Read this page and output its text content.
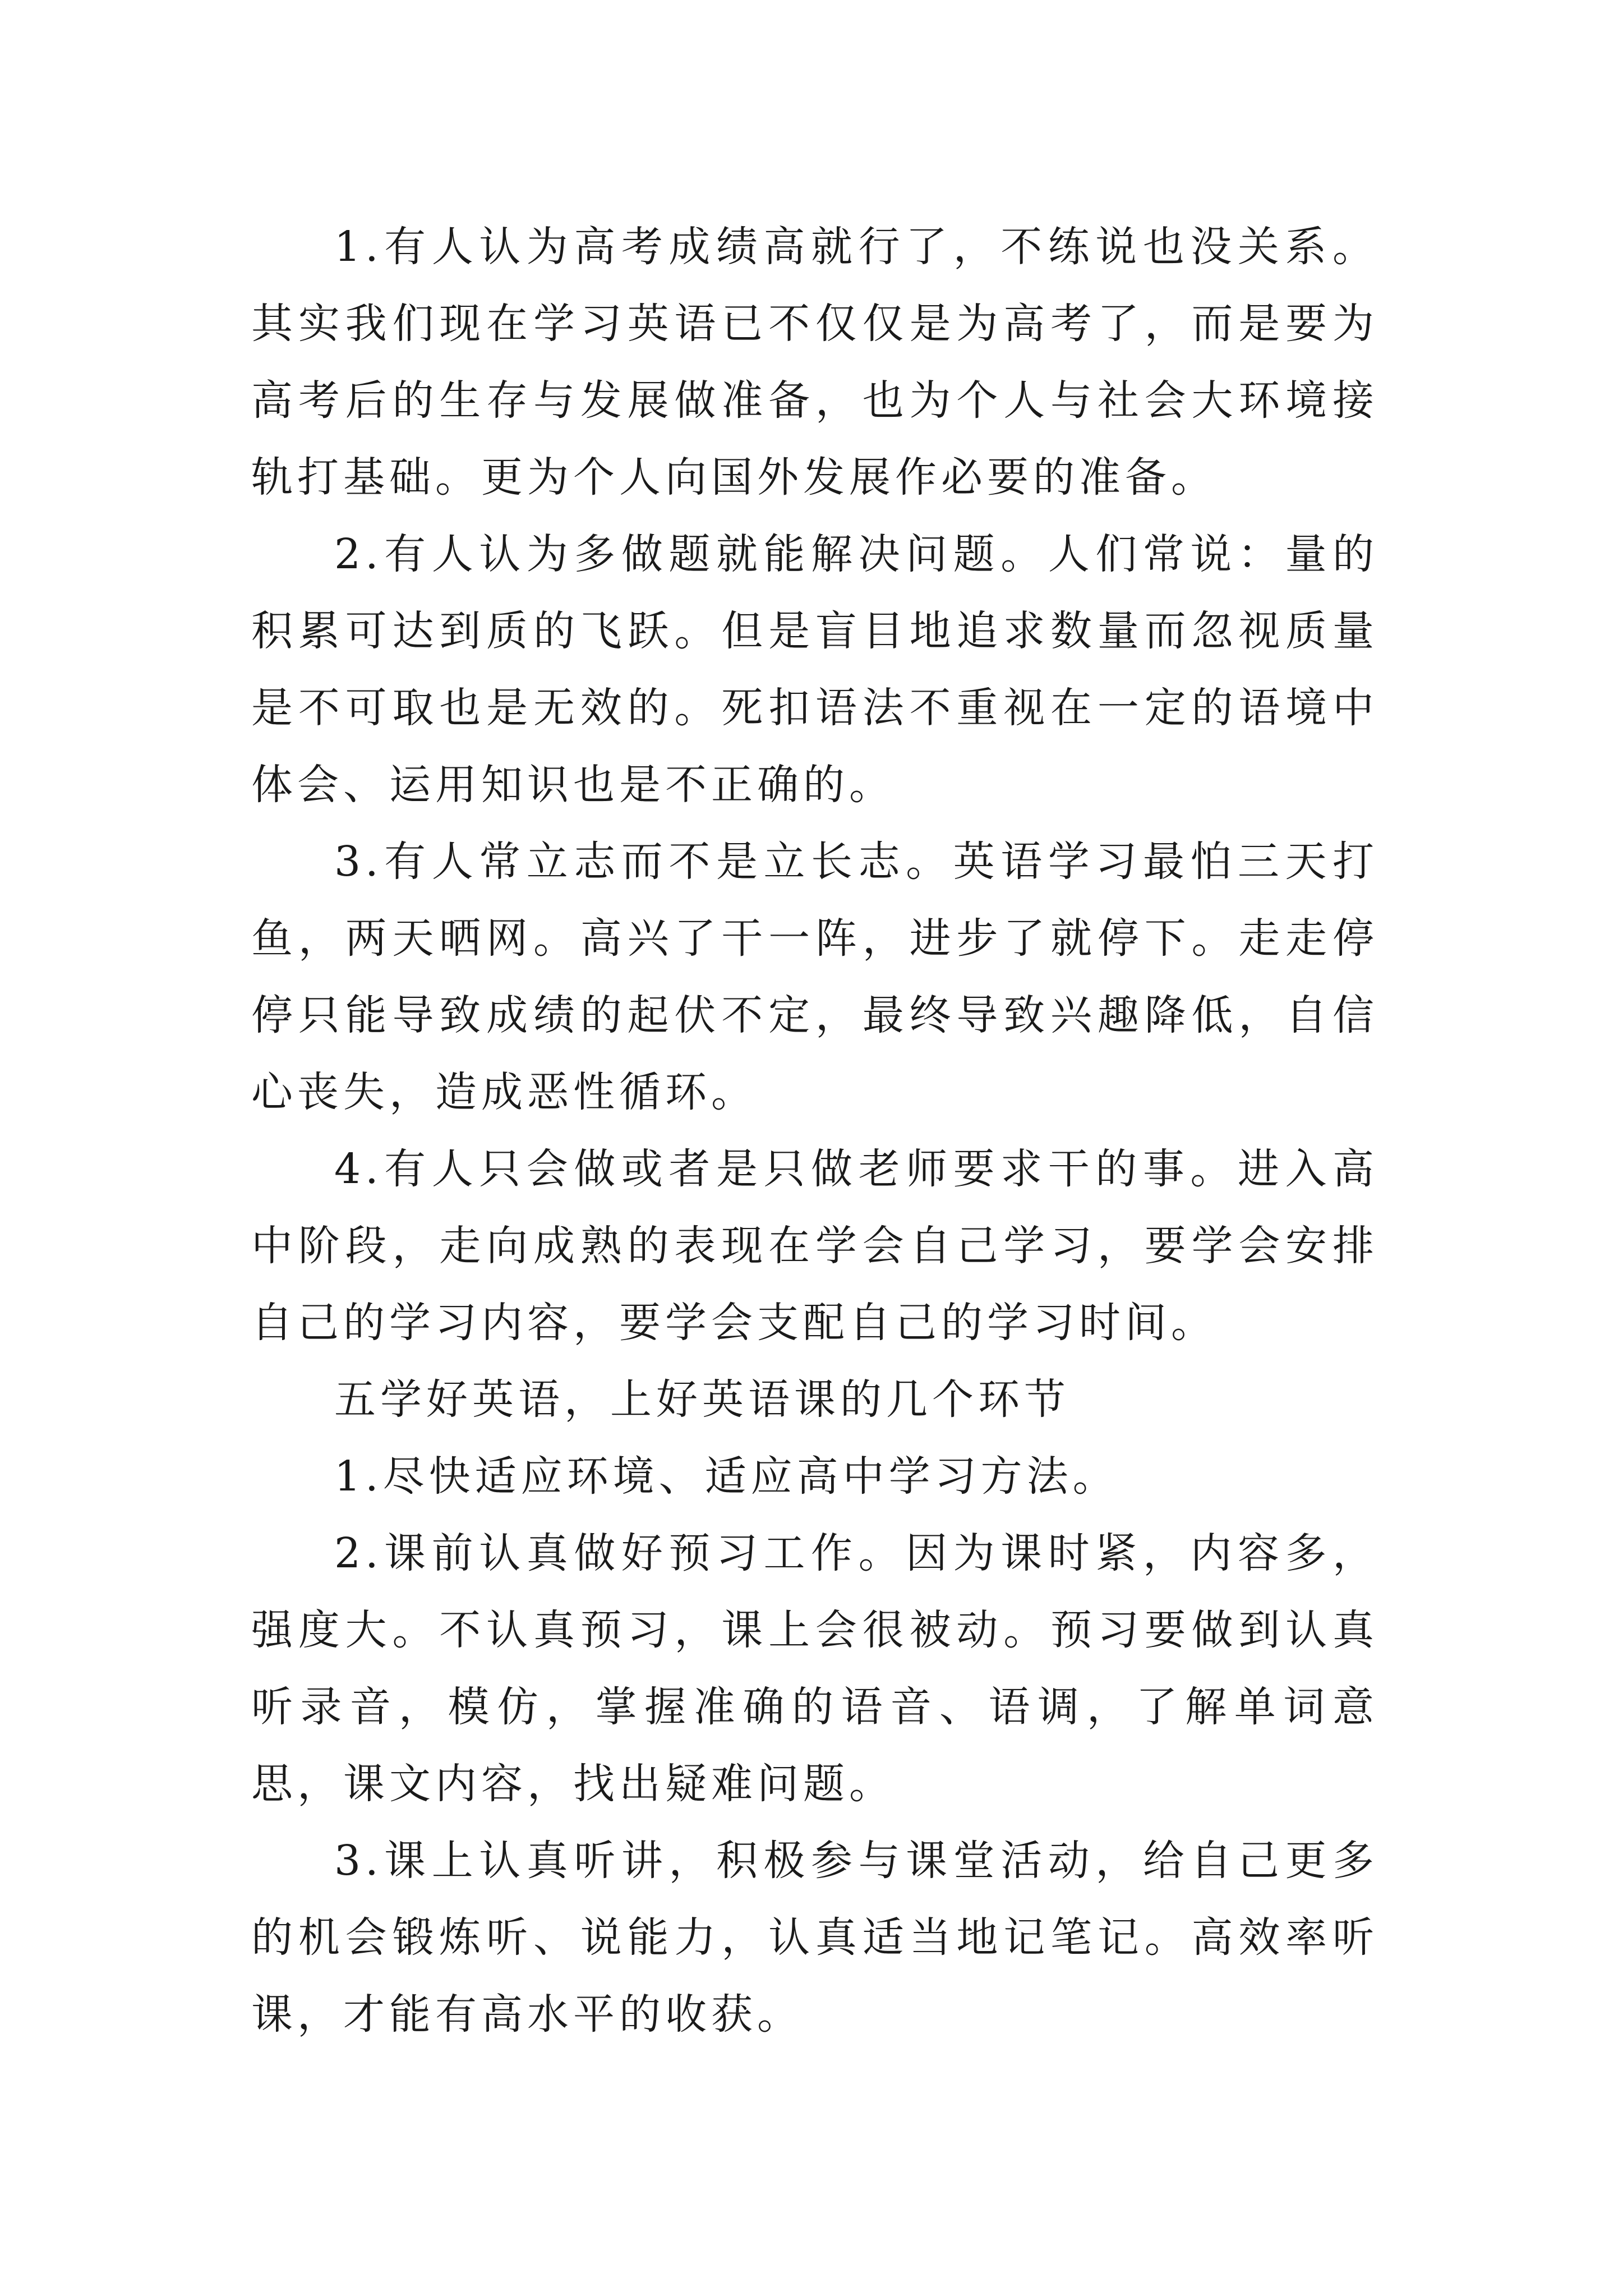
1.有人认为高考成绩高就行了，不练说也没关系。其实我们现在学习英语已不仅仅是为高考了，而是要为高考后的生存与发展做准备，也为个人与社会大环境接轨打基础。更为个人向国外发展作必要的准备。

2.有人认为多做题就能解决问题。人们常说：量的积累可达到质的飞跃。但是盲目地追求数量而忽视质量是不可取也是无效的。死扣语法不重视在一定的语境中体会、运用知识也是不正确的。

3.有人常立志而不是立长志。英语学习最怕三天打鱼，两天晒网。高兴了干一阵，进步了就停下。走走停停只能导致成绩的起伏不定，最终导致兴趣降低，自信心丧失，造成恶性循环。

4.有人只会做或者是只做老师要求干的事。进入高中阶段，走向成熟的表现在学会自己学习，要学会安排自己的学习内容，要学会支配自己的学习时间。

五学好英语，上好英语课的几个环节

1.尽快适应环境、适应高中学习方法。

2.课前认真做好预习工作。因为课时紧，内容多，强度大。不认真预习，课上会很被动。预习要做到认真听录音，模仿，掌握准确的语音、语调，了解单词意思，课文内容，找出疑难问题。

3.课上认真听讲，积极参与课堂活动，给自己更多的机会锻炼听、说能力，认真适当地记笔记。高效率听课，才能有高水平的收获。
